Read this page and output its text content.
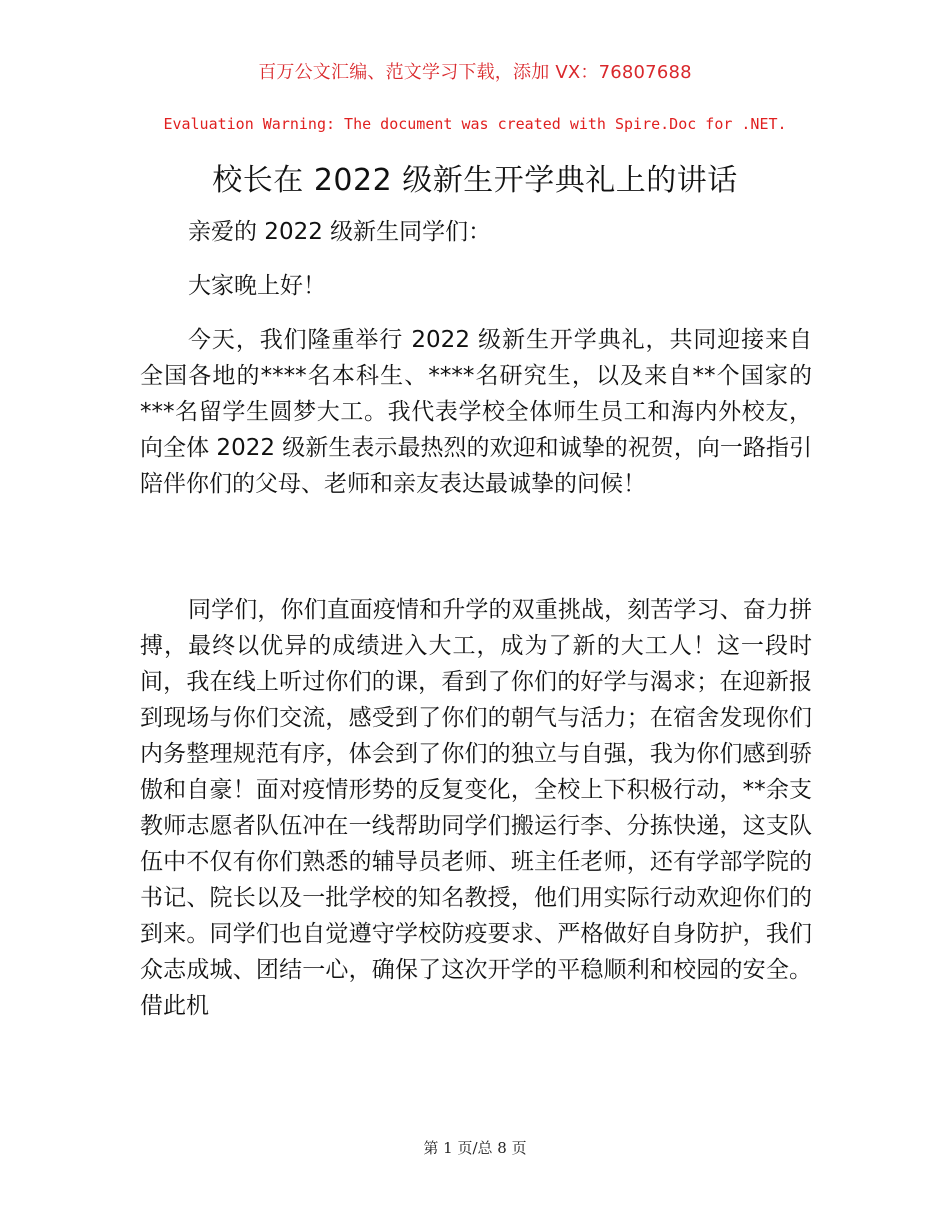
百万公文汇编、范文学习下载，添加 VX：76807688
Evaluation Warning: The document was created with Spire.Doc for .NET.
校长在 2022 级新生开学典礼上的讲话

亲爱的 2022 级新生同学们：

大家晚上好！

今天，我们隆重举行 2022 级新生开学典礼，共同迎接来自全国各地的****名本科生、****名研究生，以及来自**个国家的***名留学生圆梦大工。我代表学校全体师生员工和海内外校友，向全体 2022 级新生表示最热烈的欢迎和诚挚的祝贺，向一路指引陪伴你们的父母、老师和亲友表达最诚挚的问候！

同学们，你们直面疫情和升学的双重挑战，刻苦学习、奋力拼搏，最终以优异的成绩进入大工，成为了新的大工人！这一段时间，我在线上听过你们的课，看到了你们的好学与渴求；在迎新报到现场与你们交流，感受到了你们的朝气与活力；在宿舍发现你们内务整理规范有序，体会到了你们的独立与自强，我为你们感到骄傲和自豪！面对疫情形势的反复变化，全校上下积极行动，**余支教师志愿者队伍冲在一线帮助同学们搬运行李、分拣快递，这支队伍中不仅有你们熟悉的辅导员老师、班主任老师，还有学部学院的书记、院长以及一批学校的知名教授，他们用实际行动欢迎你们的到来。同学们也自觉遵守学校防疫要求、严格做好自身防护，我们众志成城、团结一心，确保了这次开学的平稳顺利和校园的安全。借此机

第 1 页/总 8 页
